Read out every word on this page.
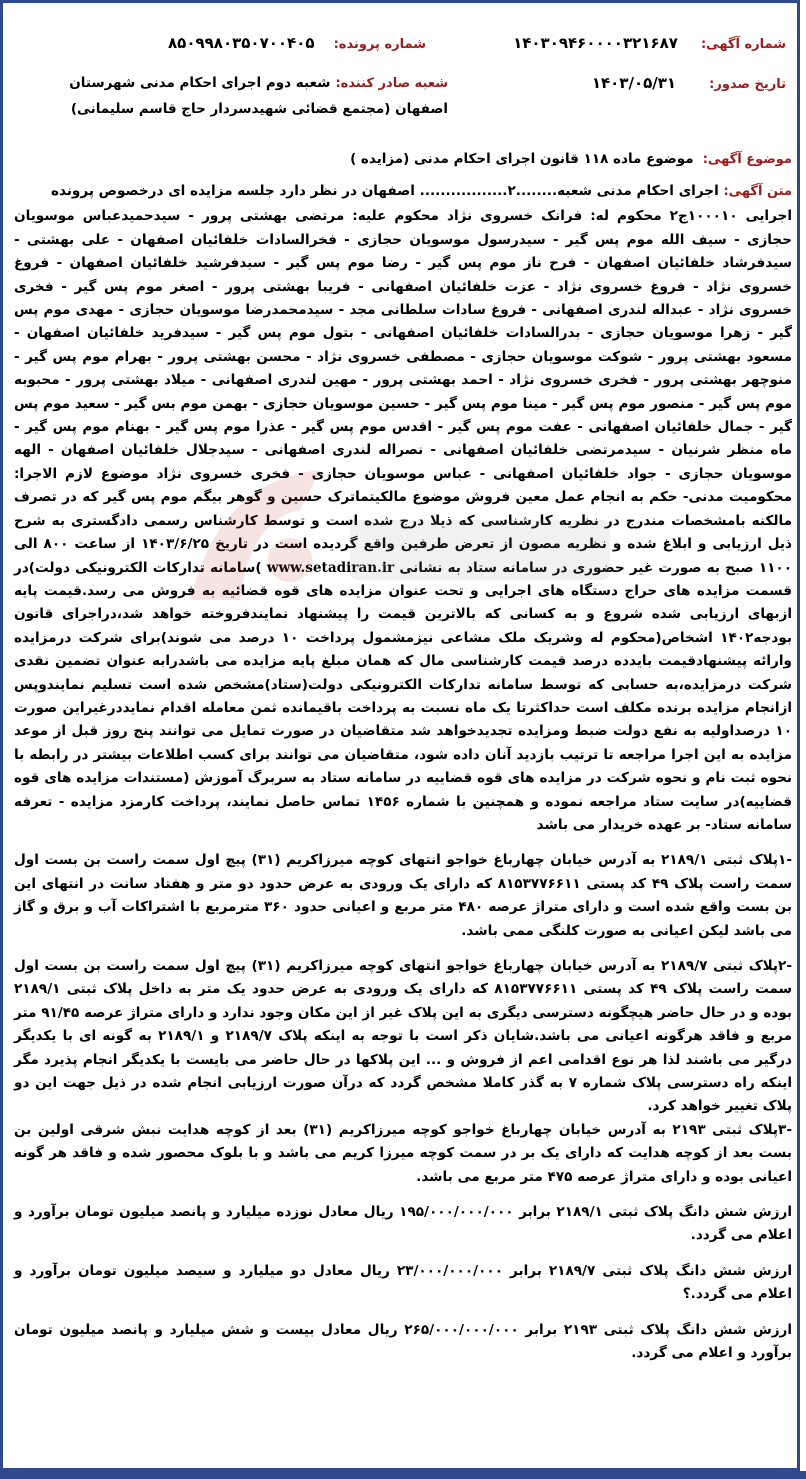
شماره آگهی: ۱۴۰۳۰۹۴۶۰۰۰۰۳۲۱۶۸۷
شماره پرونده: ۸۵۰۹۹۸۰۳۵۰۷۰۰۴۰۵
تاریخ صدور: ۱۴۰۳/۰۵/۳۱
شعبه صادر کننده: شعبه دوم اجرای احکام مدنی شهرستان اصفهان (مجتمع قضائی شهیدسردار حاج قاسم سلیمانی)
موضوع آگهی: موضوع ماده ۱۱۸ قانون اجرای احکام مدنی (مزایده )
متن آگهی: اجرای احکام مدنی شعبه........۲................. اصفهان در نظر دارد جلسه مزایده ای درخصوص پرونده

اجرایی ۱۰۰۰۱۰ج۲ محکوم له: فرانک خسروی نژاد محکوم علیه: مرتضی بهشتی پرور - سیدحمیدعباس موسویان حجازی - سیف الله موم پس گیر - سیدرسول موسویان حجازی - فخرالسادات خلفائیان اصفهان - علی بهشتی - سیدفرشاد خلفائیان اصفهان - فرح ناز موم پس گیر - رضا موم پس گیر - سیدفرشید خلفائیان اصفهان - فروغ خسروی نژاد - فروغ خسروی نژاد - عزت خلفائیان اصفهانی - فریبا بهشتی پرور - اصغر موم پس گیر - فخری خسروی نژاد - عبداله لندری اصفهانی - فروغ سادات سلطانی مجد - سیدمحمدرضا موسویان حجازی - مهدی موم پس گیر - زهرا موسویان حجازی - بدرالسادات خلفائیان اصفهانی - بتول موم پس گیر - سیدفرید خلفائیان اصفهان - مسعود بهشتی پرور - شوکت موسویان حجازی - مصطفی خسروی نژاد - محسن بهشتی پرور - بهرام موم پس گیر - منوچهر بهشتی پرور - فخری خسروی نژاد - احمد بهشتی پرور - مهین لندری اصفهانی - میلاد بهشتی پرور - محبوبه موم پس گیر - منصور موم پس گیر - مینا موم پس گیر - حسین موسویان حجازی - بهمن موم بس گیر - سعید موم پس گیر - جمال خلفائیان اصفهانی - عفت موم پس گیر - اقدس موم پس گیر - عذرا موم پس گیر - بهنام موم پس گیر - ماه منظر شرنیان - سیدمرتضی خلفائیان اصفهانی - نصراله لندری اصفهانی - سیدجلال خلفائیان اصفهان - الهه موسویان حجازی - جواد خلفائیان اصفهانی - عباس موسویان حجازی - فخری خسروی نژاد موضوع لازم الاجرا: محکومیت مدنی- حکم به انجام عمل معین فروش موضوع مالکیتماترک حسین و گوهر بیگم موم پس گیر که در تصرف مالکنه بامشخصات مندرج در نظریه کارشناسی که ذیلا درج شده است و توسط کارشناس رسمی دادگستری به شرح ذیل ارزیابی و ابلاغ شده و نظریه مصون از تعرض طرفین واقع گردیده است در تاریخ ۱۴۰۳/۶/۲۵ از ساعت ۸۰۰ الی ۱۱۰۰ صبح به صورت غیر حضوری در سامانه ستاد به نشانی www.setadiran.ir )سامانه تدارکات الکترونیکی دولت)در قسمت مزایده های حراج دستگاه های اجرایی و تحت عنوان مزایده های قوه قضائیه به فروش می رسد.قیمت پایه ازبهای ارزیابی شده شروع و به کسانی که بالاترین قیمت را پیشنهاد نمایندفروخته خواهد شد،دراجرای قانون بودجه۱۴۰۲ اشخاص(محکوم له وشریک ملک مشاعی نیزمشمول پرداخت ۱۰ درصد می شوند)برای شرکت درمزایده وارائه پیشنهادقیمت بایدده درصد قیمت کارشناسی مال که همان مبلغ پایه مزایده می باشدرابه عنوان تضمین نقدی شرکت درمزایده،به حسابی که توسط سامانه تدارکات الکترونیکی دولت(ستاد)مشخص شده است تسلیم نمایندوپس ازانجام مزایده برنده مکلف است حداکثرتا یک ماه نسبت به پرداخت باقیمانده ثمن معامله اقدام نمایددرغیراین صورت ۱۰ درصداولیه به نفع دولت ضبط ومزایده تجدیدخواهد شد متقاضیان در صورت تمایل می توانند پنج روز قبل از موعد مزایده به این اجرا مراجعه تا ترتیب بازدید آنان داده شود، متقاضیان می توانند برای کسب اطلاعات بیشتر در رابطه با نحوه ثبت نام و نحوه شرکت در مزایده های قوه قضاییه در سامانه ستاد به سربرگ آموزش (مستندات مزایده های قوه قضاییه)در سایت ستاد مراجعه نموده و همچنین با شماره ۱۴۵۶ تماس حاصل نمایند، پرداخت کارمزد مزایده - تعرفه سامانه ستاد- بر عهده خریدار می باشد

-۱پلاک ثبتی ۲۱۸۹/۱ به آدرس خیابان چهارباغ خواجو انتهای کوچه میرزاکریم (۳۱) پیچ اول سمت راست بن بست اول سمت راست پلاک ۴۹ کد پستی ۸۱۵۳۷۷۶۶۱۱ که دارای یک ورودی به عرض حدود دو متر و هفتاد سانت در انتهای این بن بست واقع شده است و دارای متراژ عرصه ۴۸۰ متر مربع و اعیانی حدود ۳۶۰ مترمربع با اشتراکات آب و برق و گاز می باشد لیکن اعیانی به صورت کلنگی ممی باشد.

-۲پلاک ثبتی ۲۱۸۹/۷ به آدرس خیابان چهارباغ خواجو انتهای کوچه میرزاکریم (۳۱) پیچ اول سمت راست بن بست اول سمت راست پلاک ۴۹ کد پستی ۸۱۵۳۷۷۶۶۱۱ که دارای یک ورودی به عرض حدود یک متر به داخل پلاک ثبتی ۲۱۸۹/۱ بوده و در حال حاضر هیچگونه دسترسی دیگری به این پلاک غیر از این مکان وجود ندارد و دارای متراژ عرصه ۹۱/۴۵ متر مربع و فاقد هرگونه اعیانی می باشد.شایان ذکر است با توجه به اینکه پلاک ۲۱۸۹/۷ و ۲۱۸۹/۱ به گونه ای با یکدیگر درگیر می باشند لذا هر نوع اقدامی اعم از فروش و ... این پلاکها در حال حاضر می بایست با یکدیگر انجام پذیرد مگر اینکه راه دسترسی پلاک شماره ۷ به گذر کاملا مشخص گردد که درآن صورت ارزیابی انجام شده در ذیل جهت این دو پلاک تغییر خواهد کرد.

-۳پلاک ثبتی ۲۱۹۳ به آدرس خیابان چهارباغ خواجو کوچه میرزاکریم (۳۱) بعد از کوچه هدایت نبش شرقی اولین بن بست بعد از کوچه هدایت که دارای یک بر در سمت کوچه میرزا کریم می باشد و با بلوک محصور شده و فاقد هر گونه اعیانی بوده و دارای متراژ عرصه ۴۷۵ متر مربع می باشد.

ارزش شش دانگ پلاک ثبتی ۲۱۸۹/۱ برابر ۱۹۵/۰۰۰/۰۰۰/۰۰۰ ریال معادل نوزده میلیارد و پانصد میلیون تومان برآورد و اعلام می گردد.

ارزش شش دانگ پلاک ثبتی ۲۱۸۹/۷ برابر ۲۳/۰۰۰/۰۰۰/۰۰۰ ریال معادل دو میلیارد و سیصد میلیون تومان برآورد و اعلام می گردد.؟

ارزش شش دانگ پلاک ثبتی ۲۱۹۳ برابر ۲۶۵/۰۰۰/۰۰۰/۰۰۰ ریال معادل بیست و شش میلیارد و پانصد میلیون تومان برآورد و اعلام می گردد.
